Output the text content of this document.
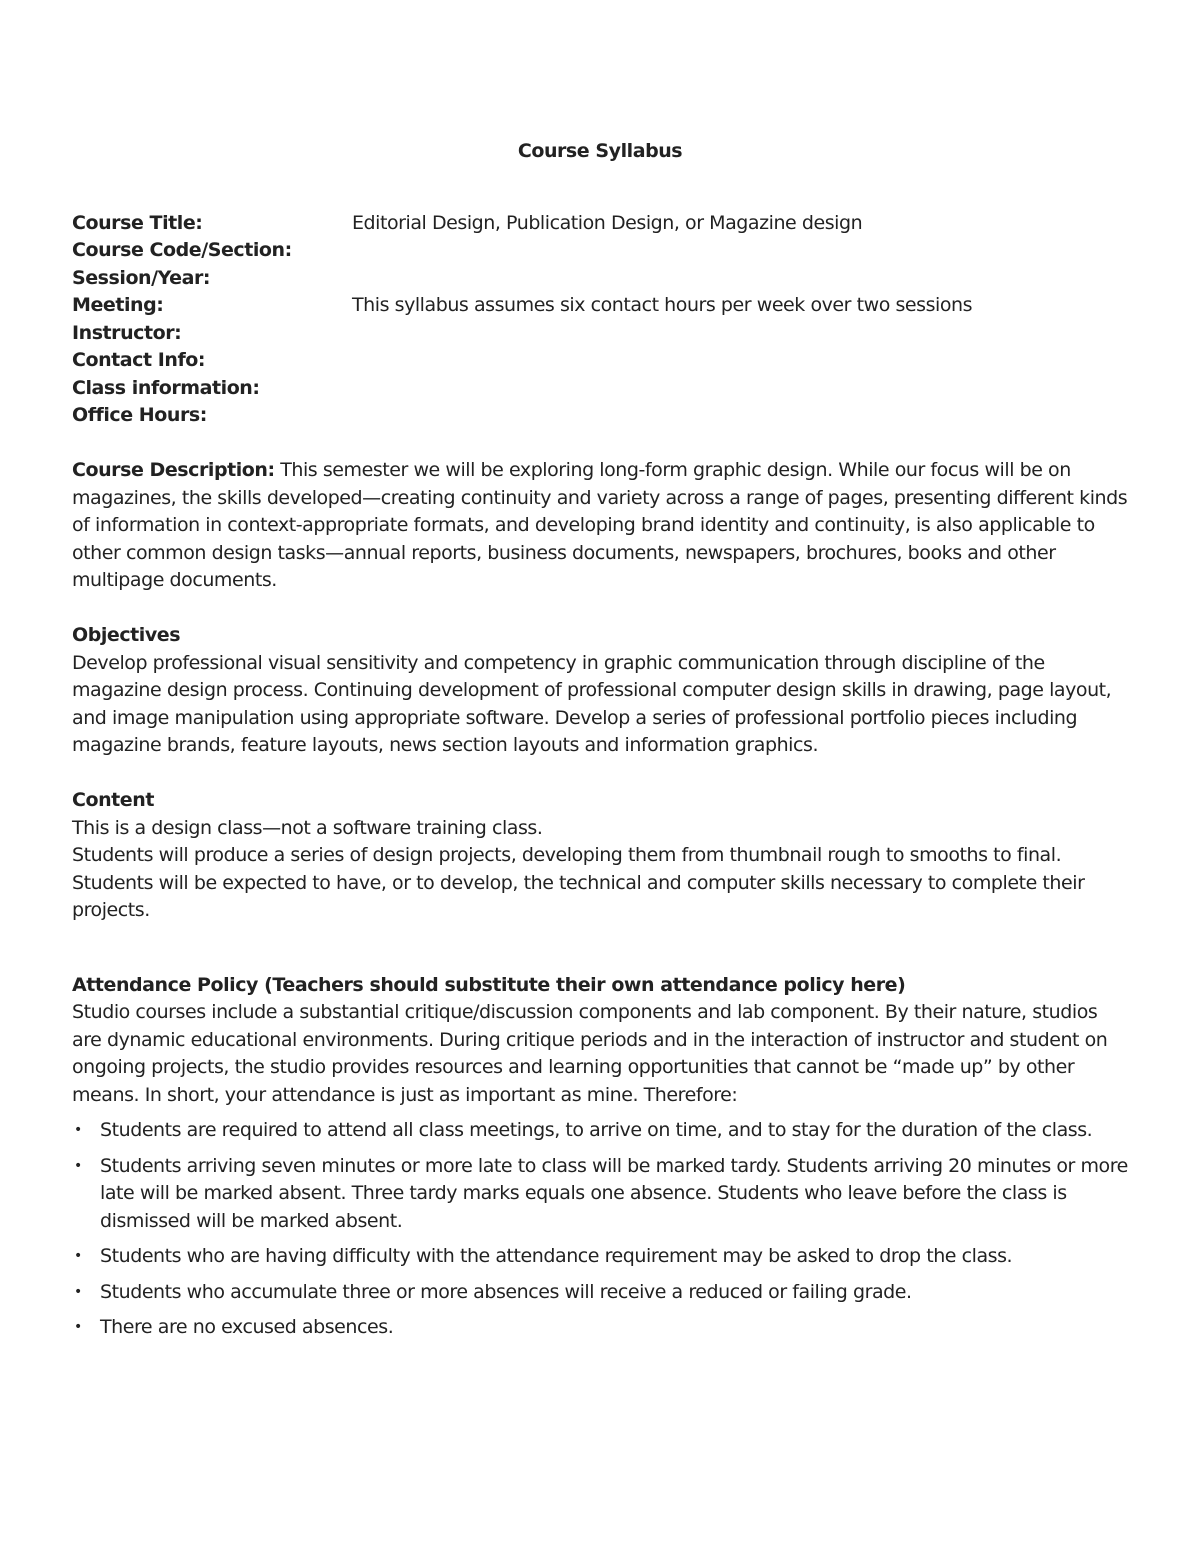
Course Syllabus
Course Title:	Editorial Design, Publication Design, or Magazine design
Course Code/Section:
Session/Year:
Meeting:	This syllabus assumes six contact hours per week over two sessions
Instructor:
Contact Info:
Class information:
Office Hours:

Course Description: This semester we will be exploring long-form graphic design. While our focus will be on magazines, the skills developed—creating continuity and variety across a range of pages, presenting different kinds of information in context-appropriate formats, and developing brand identity and continuity, is also applicable to other common design tasks—annual reports, business documents, newspapers, brochures, books and other multipage documents.

Objectives

Develop professional visual sensitivity and competency in graphic communication through discipline of the magazine design process. Continuing development of professional computer design skills in drawing, page layout, and image manipulation using appropriate software. Develop a series of professional portfolio pieces including magazine brands, feature layouts, news section layouts and information graphics.

Content
This is a design class—not a software training class.
Students will produce a series of design projects, developing them from thumbnail rough to smooths to final.
Students will be expected to have, or to develop, the technical and computer skills necessary to complete their projects.
Attendance Policy (Teachers should substitute their own attendance policy here)

Studio courses include a substantial critique/discussion components and lab component. By their nature, studios are dynamic educational environments. During critique periods and in the interaction of instructor and student on ongoing projects, the studio provides resources and learning opportunities that cannot be “made up” by other means. In short, your attendance is just as important as mine. Therefore:

• Students are required to attend all class meetings, to arrive on time, and to stay for the duration of the class.
• Students arriving seven minutes or more late to class will be marked tardy. Students arriving 20 minutes or more late will be marked absent. Three tardy marks equals one absence. Students who leave before the class is dismissed will be marked absent.
• Students who are having difficulty with the attendance requirement may be asked to drop the class.
• Students who accumulate three or more absences will receive a reduced or failing grade.
• There are no excused absences.
